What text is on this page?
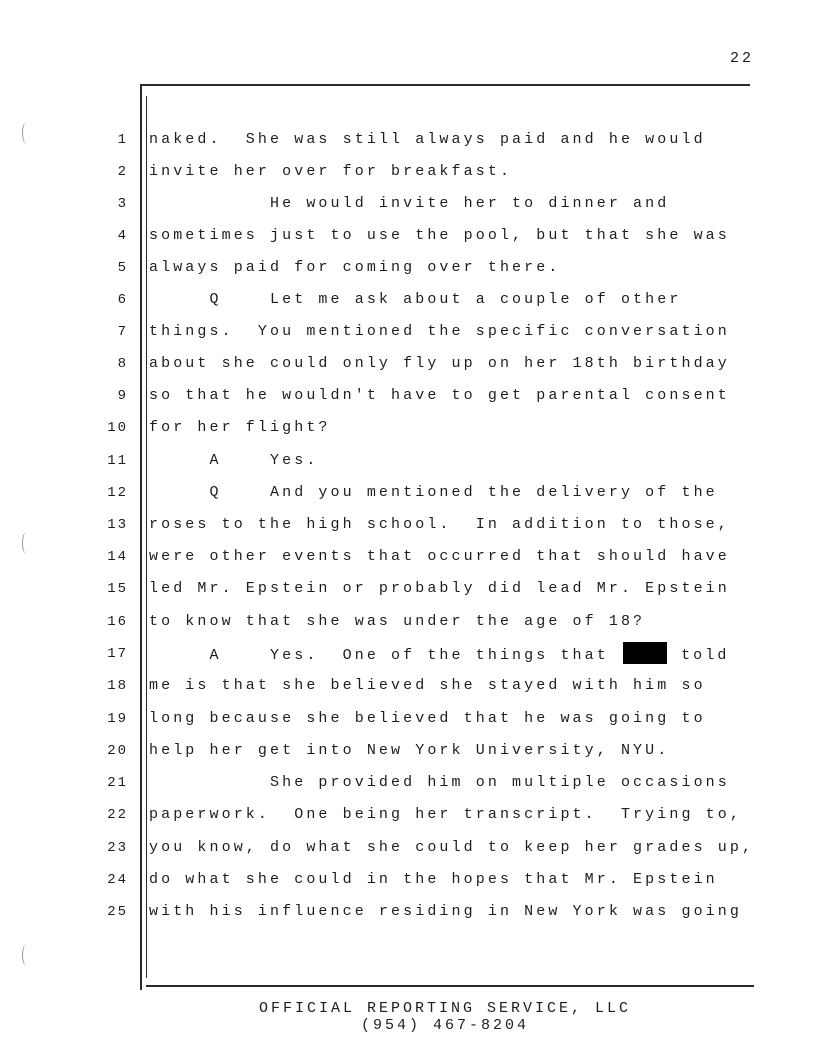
22
1 naked.  She was still always paid and he would
2 invite her over for breakfast.
3 He would invite her to dinner and
4 sometimes just to use the pool, but that she was
5 always paid for coming over there.
6 Q    Let me ask about a couple of other
7 things.  You mentioned the specific conversation
8 about she could only fly up on her 18th birthday
9 so that he wouldn't have to get parental consent
10 for her flight?
11 A    Yes.
12 Q    And you mentioned the delivery of the
13 roses to the high school.  In addition to those,
14 were other events that occurred that should have
15 led Mr. Epstein or probably did lead Mr. Epstein
16 to know that she was under the age of 18?
17 A    Yes.  One of the things that	told
18 me is that she believed she stayed with him so
19 long because she believed that he was going to
20 help her get into New York University, NYU.
21 She provided him on multiple occasions
22 paperwork.  One being her transcript.  Trying to,
23 you know, do what she could to keep her grades up,
24 do what she could in the hopes that Mr. Epstein
25 with his influence residing in New York was going
OFFICIAL REPORTING SERVICE, LLC
(954) 467-8204
